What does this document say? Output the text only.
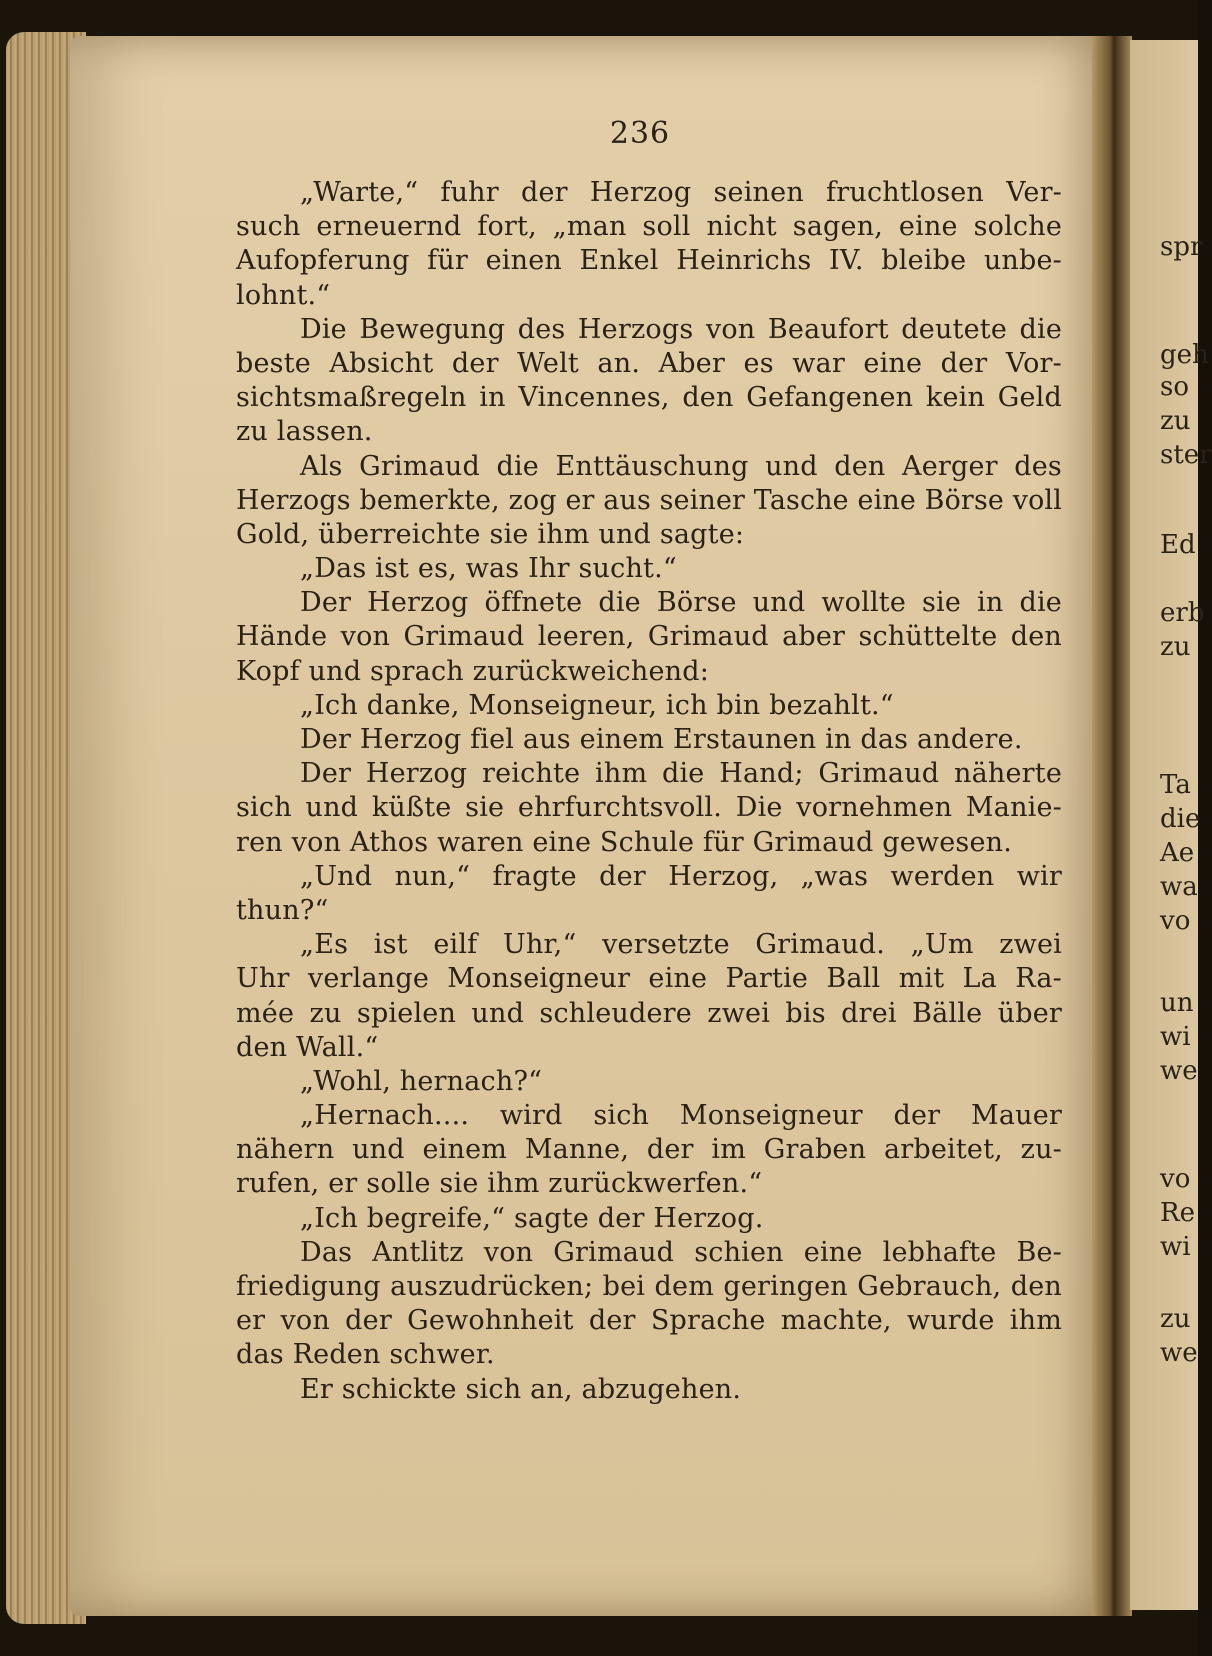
236
„Warte,“ fuhr der Herzog seinen fruchtlosen Ver-
such erneuernd fort, „man soll nicht sagen, eine solche
Aufopferung für einen Enkel Heinrichs IV. bleibe unbe-
lohnt.“
Die Bewegung des Herzogs von Beaufort deutete die
beste Absicht der Welt an. Aber es war eine der Vor-
sichtsmaßregeln in Vincennes, den Gefangenen kein Geld
zu lassen.
Als Grimaud die Enttäuschung und den Aerger des
Herzogs bemerkte, zog er aus seiner Tasche eine Börse voll
Gold, überreichte sie ihm und sagte:
„Das ist es, was Ihr sucht.“
Der Herzog öffnete die Börse und wollte sie in die
Hände von Grimaud leeren, Grimaud aber schüttelte den
Kopf und sprach zurückweichend:
„Ich danke, Monseigneur, ich bin bezahlt.“
Der Herzog fiel aus einem Erstaunen in das andere.
Der Herzog reichte ihm die Hand; Grimaud näherte
sich und küßte sie ehrfurchtsvoll. Die vornehmen Manie-
ren von Athos waren eine Schule für Grimaud gewesen.
„Und nun,“ fragte der Herzog, „was werden wir
thun?“
„Es ist eilf Uhr,“ versetzte Grimaud. „Um zwei
Uhr verlange Monseigneur eine Partie Ball mit La Ra-
mée zu spielen und schleudere zwei bis drei Bälle über
den Wall.“
„Wohl, hernach?“
„Hernach.... wird sich Monseigneur der Mauer
nähern und einem Manne, der im Graben arbeitet, zu-
rufen, er solle sie ihm zurückwerfen.“
„Ich begreife,“ sagte der Herzog.
Das Antlitz von Grimaud schien eine lebhafte Be-
friedigung auszudrücken; bei dem geringen Gebrauch, den
er von der Gewohnheit der Sprache machte, wurde ihm
das Reden schwer.
Er schickte sich an, abzugehen.
spr
geh
so
zu
ster
Ed
erb
zu
Ta
die
Ae
wa
vo
un
wi
we
vo
Re
wi
zu
we
